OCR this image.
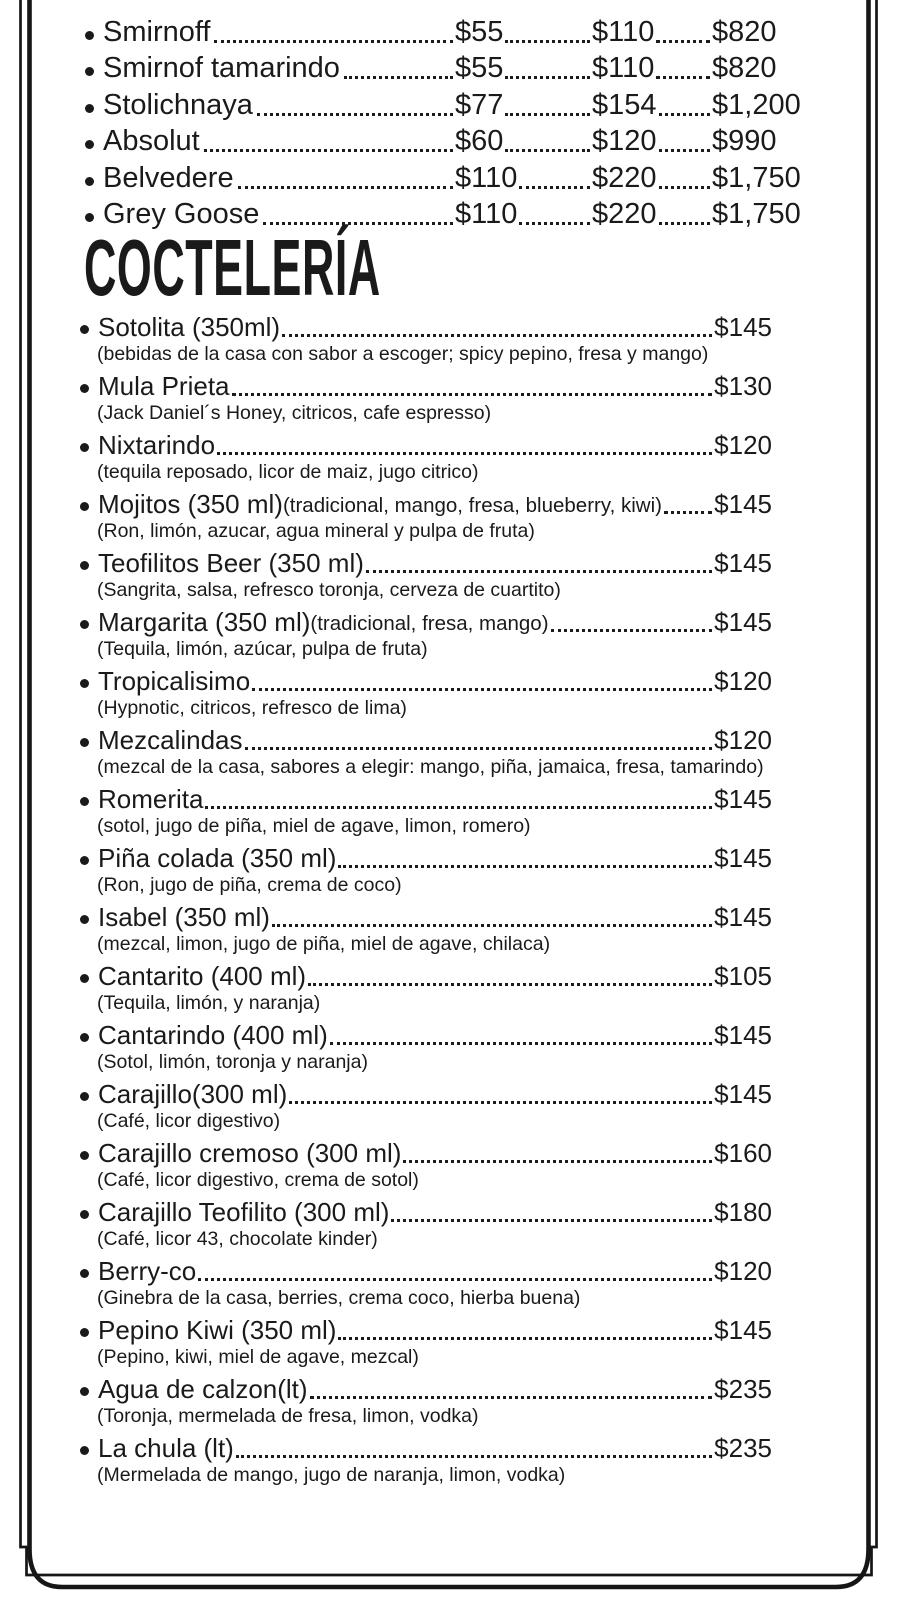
Smirnoff	$55	$110 $820
Smirnof tamarindo	$55	$110 $820
Stolichnaya	$77	$154 $1,200
Absolut	$60	$120 $990
Belvedere	$110	$220 $1,750
Grey Goose	$110	$220 $1,750
COCTELERÍA
Sotolita (350ml)	$145
(bebidas de la casa con sabor a escoger; spicy pepino, fresa y mango)
Mula Prieta	$130
(Jack Daniel´s Honey, citricos, cafe espresso)
Nixtarindo	$120
(tequila reposado, licor de maiz, jugo citrico)
Mojitos (350 ml) (tradicional, mango, fresa, blueberry, kiwi) $145
(Ron, limón, azucar, agua mineral y pulpa de fruta)
Teofilitos Beer (350 ml)	$145
(Sangrita, salsa, refresco toronja, cerveza de cuartito)
Margarita (350 ml) (tradicional, fresa, mango)	$145
(Tequila, limón, azúcar, pulpa de fruta)
Tropicalisimo	$120
(Hypnotic, citricos, refresco de lima)
Mezcalindas	$120
(mezcal de la casa, sabores a elegir: mango, piña, jamaica, fresa, tamarindo)
Romerita	$145
(sotol, jugo de piña, miel de agave, limon, romero)
Piña colada (350 ml)	$145
(Ron, jugo de piña, crema de coco)
Isabel (350 ml)	$145
(mezcal, limon, jugo de piña, miel de agave, chilaca)
Cantarito (400 ml)	$105
(Tequila, limón, y naranja)
Cantarindo (400 ml)	$145
(Sotol, limón, toronja y naranja)
Carajillo(300 ml)	$145
(Café, licor digestivo)
Carajillo cremoso (300 ml)	$160
(Café, licor digestivo, crema de sotol)
Carajillo Teofilito (300 ml)	$180
(Café, licor 43, chocolate kinder)
Berry-co	$120
(Ginebra de la casa, berries, crema coco, hierba buena)
Pepino Kiwi (350 ml)	$145
(Pepino, kiwi, miel de agave, mezcal)
Agua de calzon(lt)	$235
(Toronja, mermelada de fresa, limon, vodka)
La chula (lt)	$235
(Mermelada de mango, jugo de naranja, limon, vodka)
